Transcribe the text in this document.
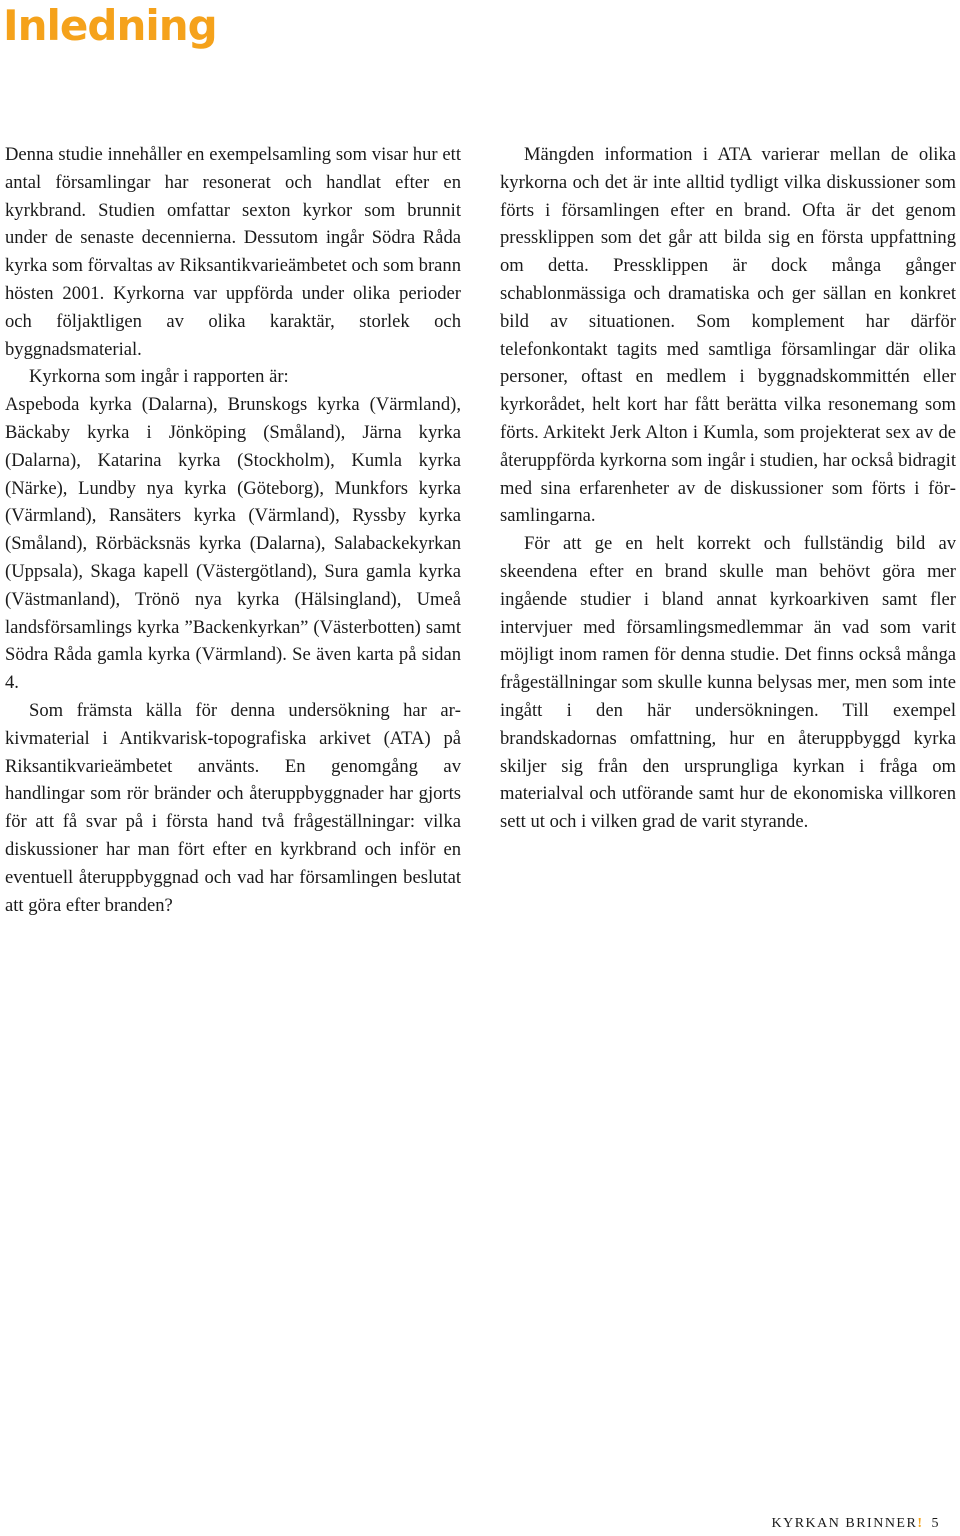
Inledning

Denna studie innehåller en exempelsamling som visar hur ett antal församlingar har resonerat och handlat efter en kyrkbrand. Studien omfattar sexton kyrkor som brunnit under de senaste decennierna. Dessutom ingår Södra Råda kyrka som förvaltas av Riksantikvarieämbetet och som brann hösten 2001. Kyrkorna var uppförda under olika perioder och följaktligen av olika karaktär, storlek och byggnadsmaterial.

Kyrkorna som ingår i rapporten är:

Aspeboda kyrka (Dalarna), Brunskogs kyrka (Värmland), Bäckaby kyrka i Jönköping (Småland), Järna kyrka (Dalarna), Katarina kyrka (Stockholm), Kumla kyrka (Närke), Lundby nya kyrka (Göteborg), Munkfors kyrka (Värmland), Ransäters kyrka (Värmland), Ryssby kyrka (Småland), Rörbäcksnäs kyrka (Dalarna), Salabackekyrkan (Uppsala), Skaga kapell (Västergötland), Sura gamla kyrka (Västmanland), Trönö nya kyrka (Hälsingland), Umeå landsförsamlings kyrka ”Backenkyrkan” (Västerbotten) samt Södra Råda gamla kyrka (Värmland). Se även karta på sidan 4.

Som främsta källa för denna undersökning har arkivmaterial i Antikvarisk-topografiska arkivet (ATA) på Riksantikvarieämbetet använts. En genomgång av handlingar som rör bränder och återuppbyggnader har gjorts för att få svar på i första hand två frågeställningar: vilka diskussioner har man fört efter en kyrkbrand och inför en eventuell återuppbyggnad och vad har församlingen beslutat att göra efter branden?

Mängden information i ATA varierar mellan de olika kyrkorna och det är inte alltid tydligt vilka diskussioner som förts i församlingen efter en brand. Ofta är det genom pressklippen som det går att bilda sig en första uppfattning om detta. Pressklippen är dock många gånger schablonmässiga och dramatiska och ger sällan en konkret bild av situationen. Som komplement har därför telefonkontakt tagits med samtliga församlingar där olika personer, oftast en medlem i byggnadskommittén eller kyrkorådet, helt kort har fått berätta vilka resonemang som förts. Arkitekt Jerk Alton i Kumla, som projekterat sex av de återuppförda kyrkorna som ingår i studien, har också bidragit med sina erfarenheter av de diskussioner som förts i församlingarna.

För att ge en helt korrekt och fullständig bild av skeendena efter en brand skulle man behövt göra mer ingående studier i bland annat kyrkoarkiven samt fler intervjuer med församlingsmedlemmar än vad som varit möjligt inom ramen för denna studie. Det finns också många frågeställningar som skulle kunna belysas mer, men som inte ingått i den här undersökningen. Till exempel brandskadornas omfattning, hur en återuppbyggd kyrka skiljer sig från den ursprungliga kyrkan i fråga om materialval och utförande samt hur de ekonomiska villkoren sett ut och i vilken grad de varit styrande.

KYRKAN BRINNER! 5
